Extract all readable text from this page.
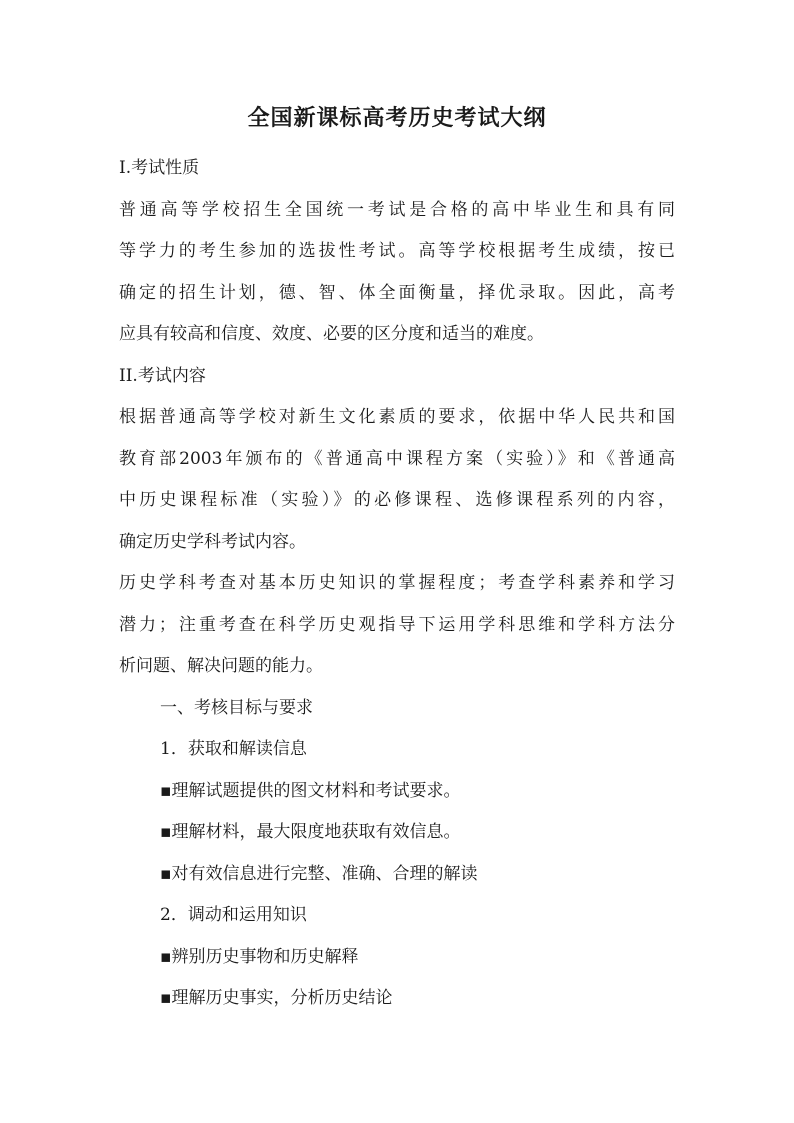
全国新课标高考历史考试大纲

I.考试性质

普通高等学校招生全国统一考试是合格的高中毕业生和具有同

等学力的考生参加的选拔性考试。高等学校根据考生成绩，按已

确定的招生计划，德、智、体全面衡量，择优录取。因此，高考

应具有较高和信度、效度、必要的区分度和适当的难度。

II.考试内容

根据普通高等学校对新生文化素质的要求，依据中华人民共和国

教育部2003年颁布的《普通高中课程方案（实验）》和《普通高

中历史课程标准（实验）》的必修课程、选修课程系列的内容，

确定历史学科考试内容。

历史学科考查对基本历史知识的掌握程度；考查学科素养和学习

潜力；注重考查在科学历史观指导下运用学科思维和学科方法分

析问题、解决问题的能力。

一、考核目标与要求

1．获取和解读信息

▪理解试题提供的图文材料和考试要求。

▪理解材料，最大限度地获取有效信息。

▪对有效信息进行完整、准确、合理的解读

2．调动和运用知识

▪辨别历史事物和历史解释

▪理解历史事实，分析历史结论
